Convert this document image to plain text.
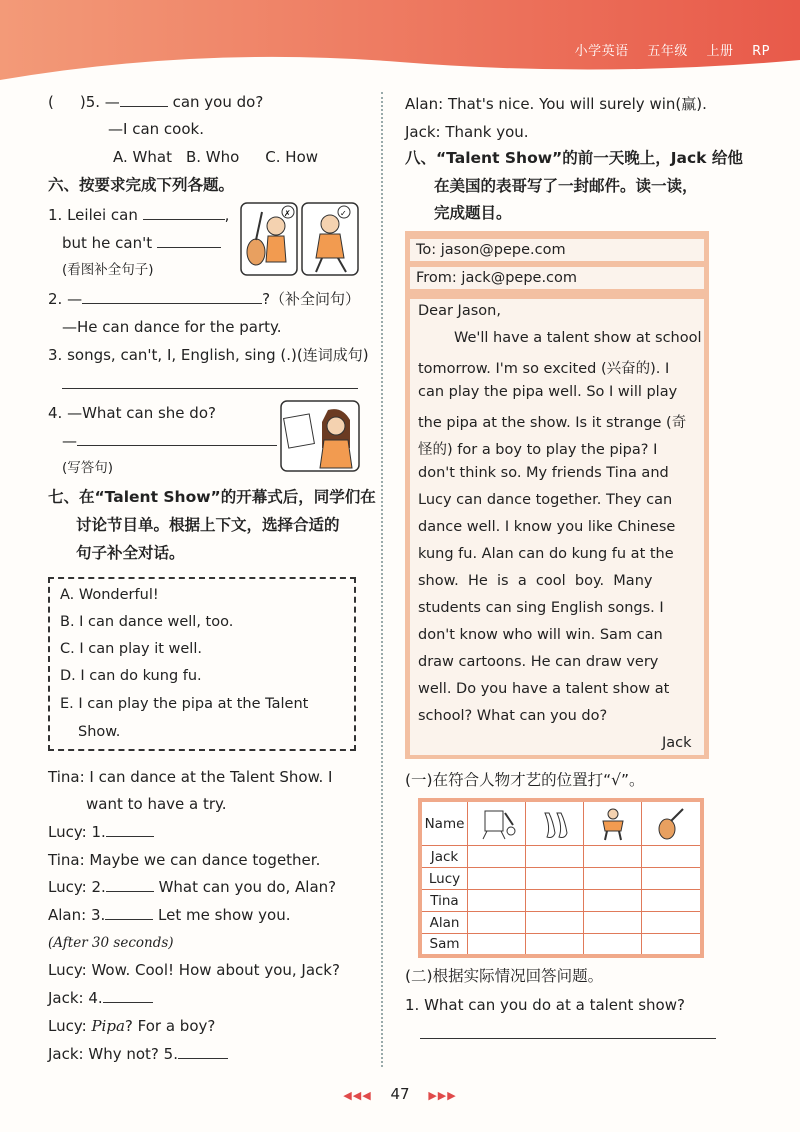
小学英语 五年级 上册 RP
( )5. —	can you do?
—I can cook.
A. What B. Who C. How
六、按要求完成下列各题。
1. Leilei can	,
but he can't
(看图补全句子)
✗	✓
2. —	?（补全问句）
—He can dance for the party.
3. songs, can't, I, English, sing (.)(连词成句)
4. —What can she do?
—
(写答句)
七、在“Talent Show”的开幕式后，同学们在
讨论节目单。根据上下文，选择合适的
句子补全对话。
A. Wonderful!
B. I can dance well, too.
C. I can play it well.
D. I can do kung fu.
E. I can play the pipa at the Talent
Show.
Tina: I can dance at the Talent Show. I
want to have a try.
Lucy: 1.
Tina: Maybe we can dance together.
Lucy: 2.	What can you do, Alan?
Alan: 3.	Let me show you.
(After 30 seconds)
Lucy: Wow. Cool! How about you, Jack?
Jack: 4.
Lucy: Pipa? For a boy?
Jack: Why not? 5.
Alan: That's nice. You will surely win(赢).
Jack: Thank you.
八、“Talent Show”的前一天晚上，Jack 给他
在美国的表哥写了一封邮件。读一读，
完成题目。
To: jason@pepe.com
From: jack@pepe.com
Dear Jason,
We'll have a talent show at school
tomorrow. I'm so excited (兴奋的). I
can play the pipa well. So I will play
the pipa at the show. Is it strange (奇
怪的) for a boy to play the pipa? I
don't think so. My friends Tina and
Lucy can dance together. They can
dance well. I know you like Chinese
kung fu. Alan can do kung fu at the
show.  He  is  a  cool  boy.  Many
students can sing English songs. I
don't know who will win. Sam can
draw cartoons. He can draw very
well. Do you have a talent show at
school? What can you do?
Jack
(一)在符合人物才艺的位置打“√”。
Name
Jack
Lucy
Tina
Alan
Sam
(二)根据实际情况回答问题。
1. What can you do at a talent show?
◀◀◀ 47 ▶▶▶
